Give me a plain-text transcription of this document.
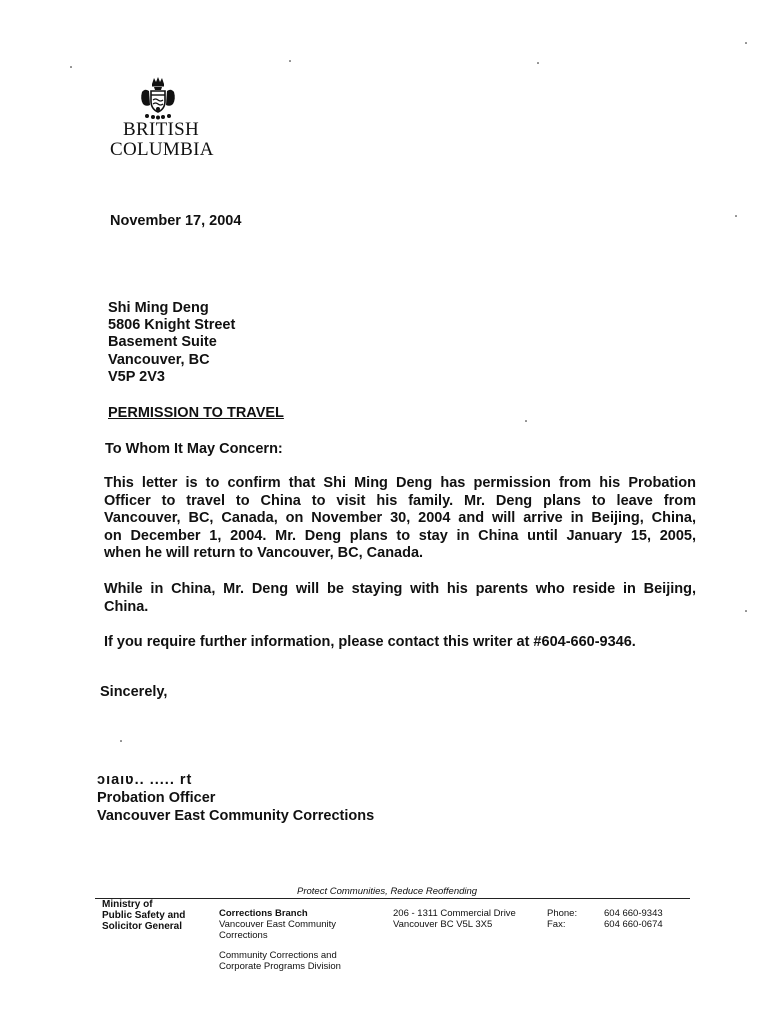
BRITISH
COLUMBIA
November 17, 2004
Shi Ming Deng
5806 Knight Street
Basement Suite
Vancouver, BC
V5P 2V3
PERMISSION TO TRAVEL
To Whom It May Concern:
This letter is to confirm that Shi Ming Deng has permission from his Probation
Officer to travel to China to visit his family. Mr. Deng plans to leave from
Vancouver, BC, Canada, on November 30, 2004 and will arrive in Beijing, China,
on December 1, 2004. Mr. Deng plans to stay in China until January 15, 2005,
when he will return to Vancouver, BC, Canada.
While in China, Mr. Deng will be staying with his parents who reside in Beijing,
China.
If you require further information, please contact this writer at #604-660-9346.
Sincerely,
ɔıaıʋ.. ..... rt
Probation Officer
Vancouver East Community Corrections
Protect Communities, Reduce Reoffending
Ministry of
Public Safety and
Solicitor General
Corrections Branch
Vancouver East Community
Corrections
Community Corrections and
Corporate Programs Division
206 - 1311 Commercial Drive
Vancouver BC V5L 3X5
Phone:
Fax:
604 660-9343
604 660-0674
